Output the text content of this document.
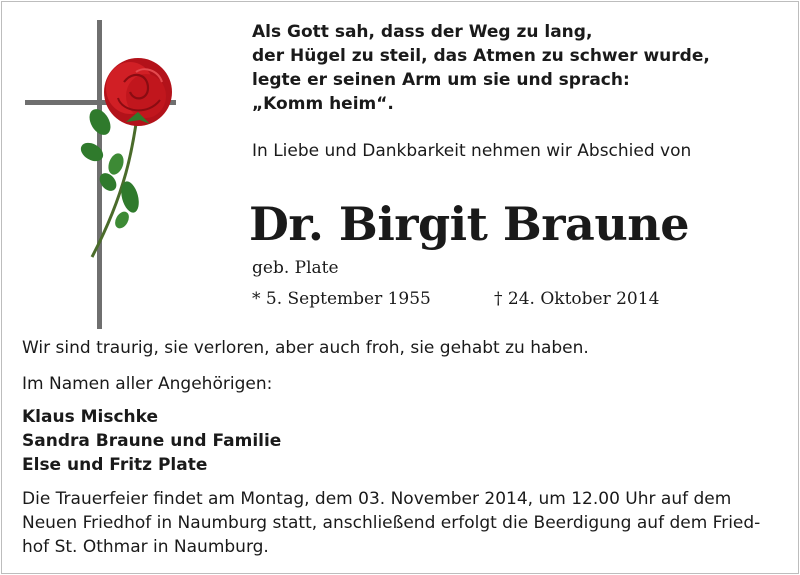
Als Gott sah, dass der Weg zu lang,
der Hügel zu steil, das Atmen zu schwer wurde,
legte er seinen Arm um sie und sprach:
„Komm heim“.
In Liebe und Dankbarkeit nehmen wir Abschied von
Dr. Birgit Braune
geb. Plate
* 5. September 1955	† 24. Oktober 2014
Wir sind traurig, sie verloren, aber auch froh, sie gehabt zu haben.
Im Namen aller Angehörigen:
Klaus Mischke
Sandra Braune und Familie
Else und Fritz Plate
Die Trauerfeier findet am Montag, dem 03. November 2014, um 12.00 Uhr auf dem
Neuen Friedhof in Naumburg statt, anschließend erfolgt die Beerdigung auf dem Fried-
hof St. Othmar in Naumburg.
